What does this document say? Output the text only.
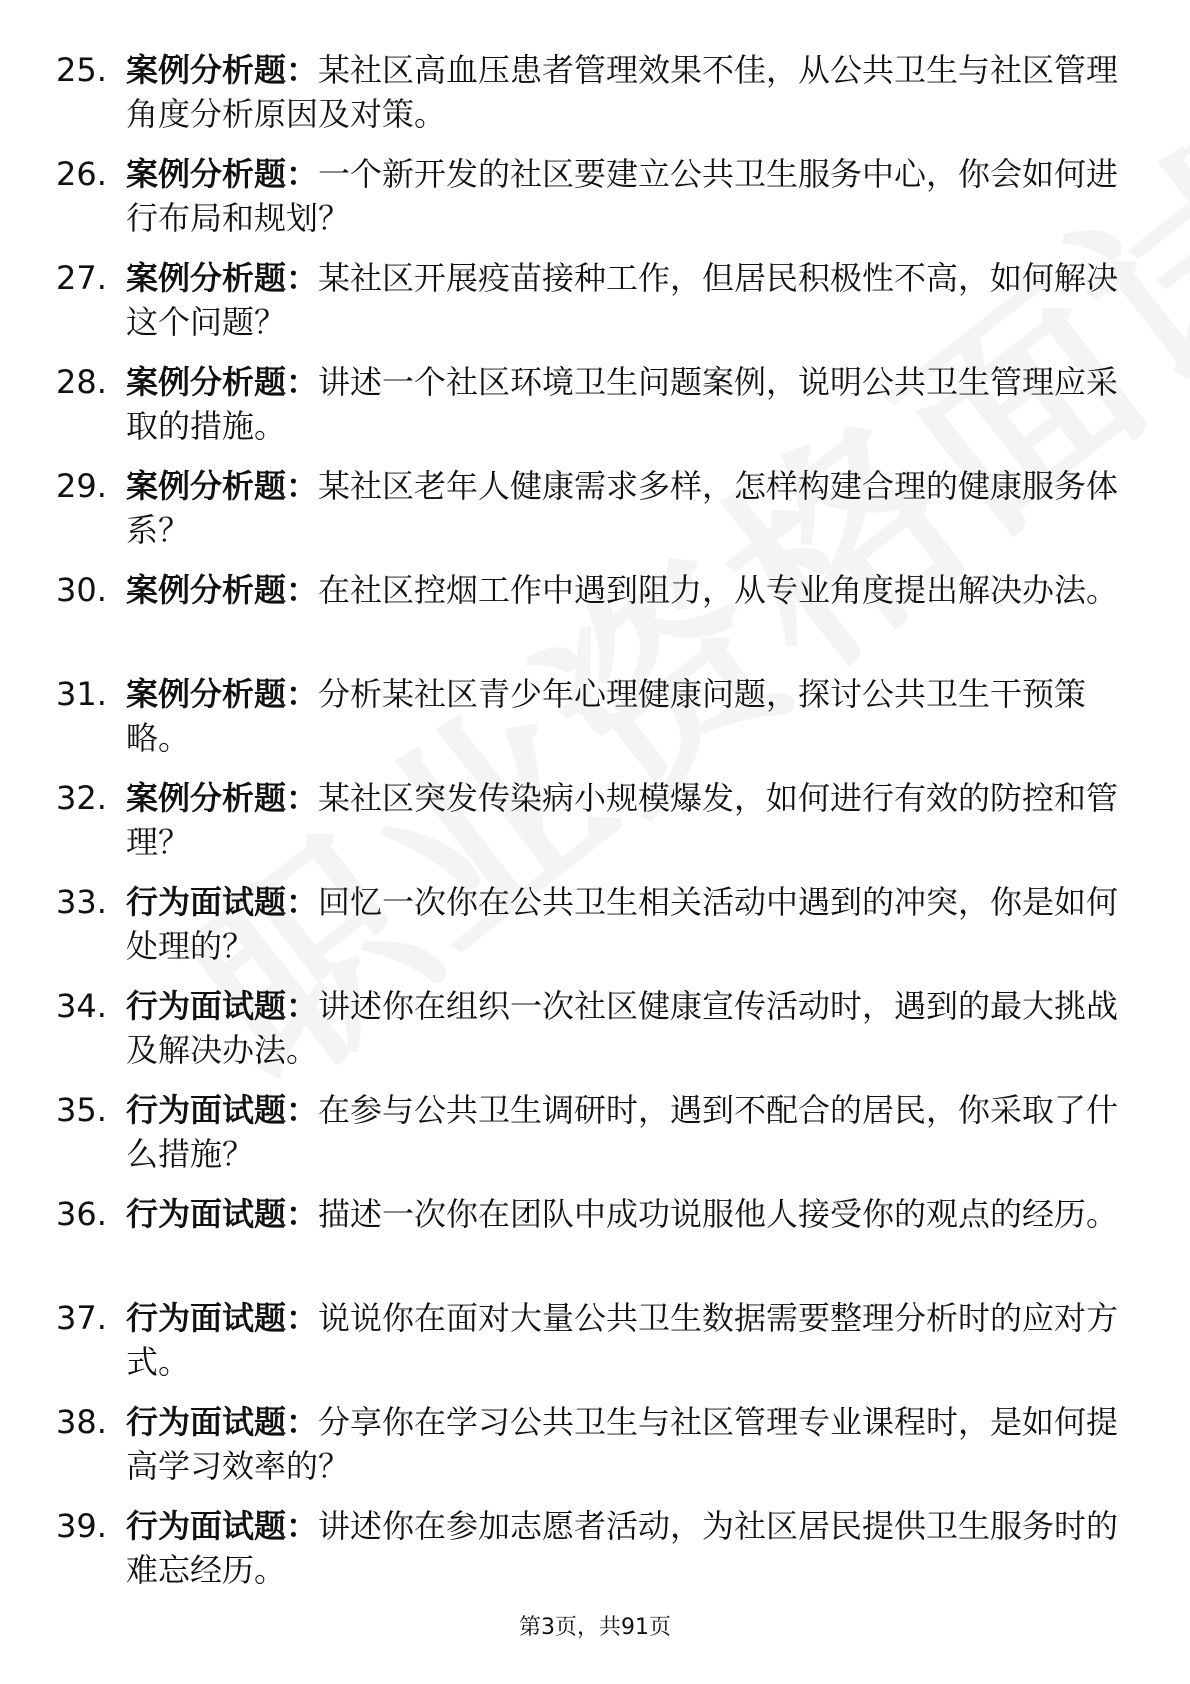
25. 案例分析题：某社区高血压患者管理效果不佳，从公共卫生与社区管理角度分析原因及对策。
26. 案例分析题：一个新开发的社区要建立公共卫生服务中心，你会如何进行布局和规划？
27. 案例分析题：某社区开展疫苗接种工作，但居民积极性不高，如何解决这个问题？
28. 案例分析题：讲述一个社区环境卫生问题案例，说明公共卫生管理应采取的措施。
29. 案例分析题：某社区老年人健康需求多样，怎样构建合理的健康服务体系？
30. 案例分析题：在社区控烟工作中遇到阻力，从专业角度提出解决办法。
31. 案例分析题：分析某社区青少年心理健康问题，探讨公共卫生干预策略。
32. 案例分析题：某社区突发传染病小规模爆发，如何进行有效的防控和管理？
33. 行为面试题：回忆一次你在公共卫生相关活动中遇到的冲突，你是如何处理的？
34. 行为面试题：讲述你在组织一次社区健康宣传活动时，遇到的最大挑战及解决办法。
35. 行为面试题：在参与公共卫生调研时，遇到不配合的居民，你采取了什么措施？
36. 行为面试题：描述一次你在团队中成功说服他人接受你的观点的经历。
37. 行为面试题：说说你在面对大量公共卫生数据需要整理分析时的应对方式。
38. 行为面试题：分享你在学习公共卫生与社区管理专业课程时，是如何提高学习效率的？
39. 行为面试题：讲述你在参加志愿者活动，为社区居民提供卫生服务时的难忘经历。
第3页，共91页
